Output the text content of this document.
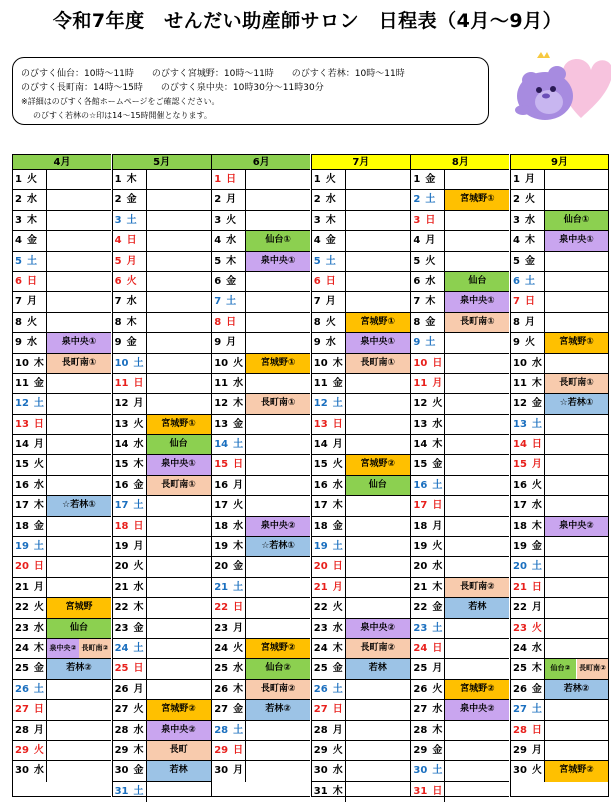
令和7年度　せんだい助産師サロン　日程表（4月～9月）
のびすく仙台：10時～11時　　のびすく宮城野：10時～11時　　のびすく若林：10時～11時
のびすく長町南：14時～15時　　のびすく泉中央：10時30分～11時30分
※詳細はのびすく各館ホームページをご確認ください。
のびすく若林の☆印は14～15時開催となります。
4月
1 火
2 水
3 木
4 金
5 土
6 日
7 月
8 火
9 水	泉中央①
10 木	長町南①
11 金
12 土
13 日
14 月
15 火
16 水
17 木	☆若林①
18 金
19 土
20 日
21 月
22 火	宮城野
23 水	仙台
24 木 泉中央② 長町南②
25 金	若林②
26 土
27 日
28 月
29 火
30 水
5月
1 木
2 金
3 土
4 日
5 月
6 火
7 水
8 木
9 金
10 土
11 日
12 月
13 火	宮城野①
14 水	仙台
15 木	泉中央①
16 金	長町南①
17 土
18 日
19 月
20 火
21 水
22 木
23 金
24 土
25 日
26 月
27 火	宮城野②
28 水	泉中央②
29 木	長町
30 金	若林
31 土
6月
1 日
2 月
3 火
4 水	仙台①
5 木	泉中央①
6 金
7 土
8 日
9 月
10 火	宮城野①
11 水
12 木	長町南①
13 金
14 土
15 日
16 月
17 火
18 水	泉中央②
19 木	☆若林①
20 金
21 土
22 日
23 月
24 火	宮城野②
25 水	仙台②
26 木	長町南②
27 金	若林②
28 土
29 日
30 月
7月
1 火
2 水
3 木
4 金
5 土
6 日
7 月
8 火	宮城野①
9 水	泉中央①
10 木	長町南①
11 金
12 土
13 日
14 月
15 火	宮城野②
16 水	仙台
17 木
18 金
19 土
20 日
21 月
22 火
23 水	泉中央②
24 木	長町南②
25 金	若林
26 土
27 日
28 月
29 火
30 水
31 木
8月
1 金
2 土	宮城野①
3 日
4 月
5 火
6 水	仙台
7 木	泉中央①
8 金	長町南①
9 土
10 日
11 月
12 火
13 水
14 木
15 金
16 土
17 日
18 月
19 火
20 水
21 木	長町南②
22 金	若林
23 土
24 日
25 月
26 火	宮城野②
27 水	泉中央②
28 木
29 金
30 土
31 日
9月
1 月
2 火
3 水	仙台①
4 木	泉中央①
5 金
6 土
7 日
8 月
9 火	宮城野①
10 水
11 木	長町南①
12 金	☆若林①
13 土
14 日
15 月
16 火
17 水
18 木	泉中央②
19 金
20 土
21 日
22 月
23 火
24 水
25 木	仙台②	長町南②
26 金	若林②
27 土
28 日
29 月
30 火	宮城野②
